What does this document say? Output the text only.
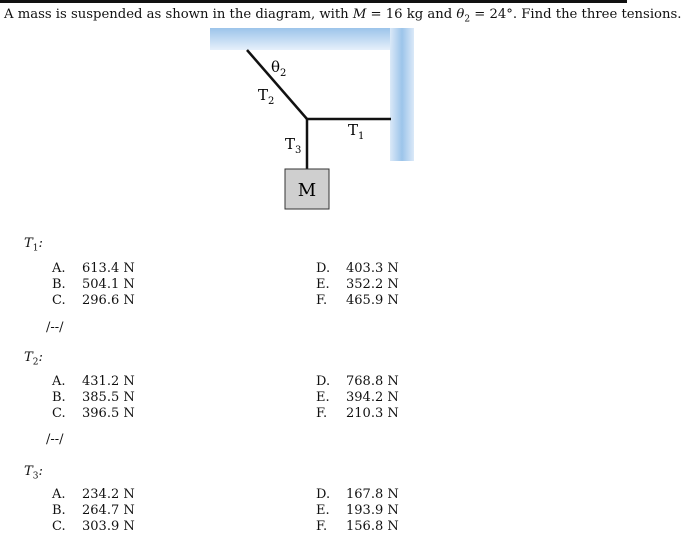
A mass is suspended as shown in the diagram, with M = 16 kg and $\theta_2 = 24^\circ$. Find the three tensions.
M
$\theta_2$
$T_2$
$T_1$
$T_3$
$T_1$:
A. 613.4 N
B. 504.1 N
C. 296.6 N
D. 403.3 N
E. 352.2 N
F. 465.9 N
/--/
$T_2$:
A. 431.2 N
B. 385.5 N
C. 396.5 N
D. 768.8 N
E. 394.2 N
F. 210.3 N
/--/
$T_3$:
A. 234.2 N
B. 264.7 N
C. 303.9 N
D. 167.8 N
E. 193.9 N
F. 156.8 N
